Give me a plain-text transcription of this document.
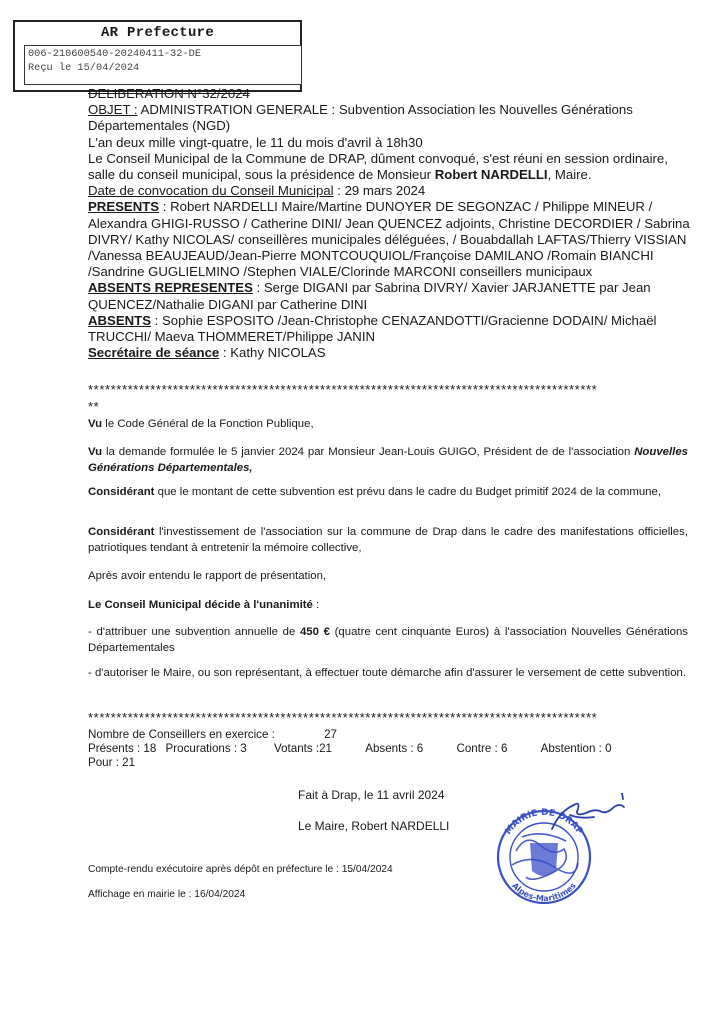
AR Prefecture
006-210600540-20240411-32-DE
Reçu le 15/04/2024

DELIBERATION N°32/2024

OBJET : ADMINISTRATION GENERALE : Subvention Association les Nouvelles Générations Départementales (NGD)

L'an deux mille vingt-quatre, le 11 du mois d'avril à 18h30

Le Conseil Municipal de la Commune de DRAP, dûment convoqué, s'est réuni en session ordinaire, salle du conseil municipal, sous la présidence de Monsieur Robert NARDELLI, Maire.

Date de convocation du Conseil Municipal : 29 mars 2024

PRESENTS : Robert NARDELLI Maire/Martine DUNOYER DE SEGONZAC / Philippe MINEUR / Alexandra GHIGI-RUSSO / Catherine DINI/ Jean QUENCEZ adjoints, Christine DECORDIER / Sabrina DIVRY/ Kathy NICOLAS/ conseillères municipales déléguées, / Bouabdallah LAFTAS/Thierry VISSIAN /Vanessa BEAUJEAUD/Jean-Pierre MONTCOUQUIOL/Françoise DAMILANO /Romain BIANCHI /Sandrine GUGLIELMINO /Stephen VIALE/Clorinde MARCONI conseillers municipaux

ABSENTS REPRESENTES : Serge DIGANI par Sabrina DIVRY/ Xavier JARJANETTE par Jean QUENCEZ/Nathalie DIGANI par Catherine DINI

ABSENTS : Sophie ESPOSITO /Jean-Christophe CENAZANDOTTI/Gracienne DODAIN/ Michaël TRUCCHI/ Maeva THOMMERET/Philippe JANIN

Secrétaire de séance : Kathy NICOLAS

******************************************************************************************
**

Vu le Code Général de la Fonction Publique,

Vu la demande formulée le 5 janvier 2024 par Monsieur Jean-Louis GUIGO, Président de de l'association Nouvelles Générations Départementales,

Considérant que le montant de cette subvention est prévu dans le cadre du Budget primitif 2024 de la commune,

Considérant l'investissement de l'association sur la commune de Drap dans le cadre des manifestations officielles, patriotiques tendant à entretenir la mémoire collective,

Après avoir entendu le rapport de présentation,

Le Conseil Municipal décide à l'unanimité :

- d'attribuer une subvention annuelle de 450 € (quatre cent cinquante Euros) à l'association Nouvelles Générations Départementales

- d'autoriser le Maire, ou son représentant, à effectuer toute démarche afin d'assurer le versement de cette subvention.

******************************************************************************************
Nombre de Conseillers en exercice :	27
Présents : 18 Procurations : 3 Votants :21	Absents : 6	Contre : 6	Abstention : 0
Pour : 21
Fait à Drap, le 11 avril 2024
Le Maire, Robert NARDELLI	MAIRIE DE DRAP
Alpes-Maritimes
Compte-rendu exécutoire après dépôt en préfecture le : 15/04/2024
Affichage en mairie le : 16/04/2024
